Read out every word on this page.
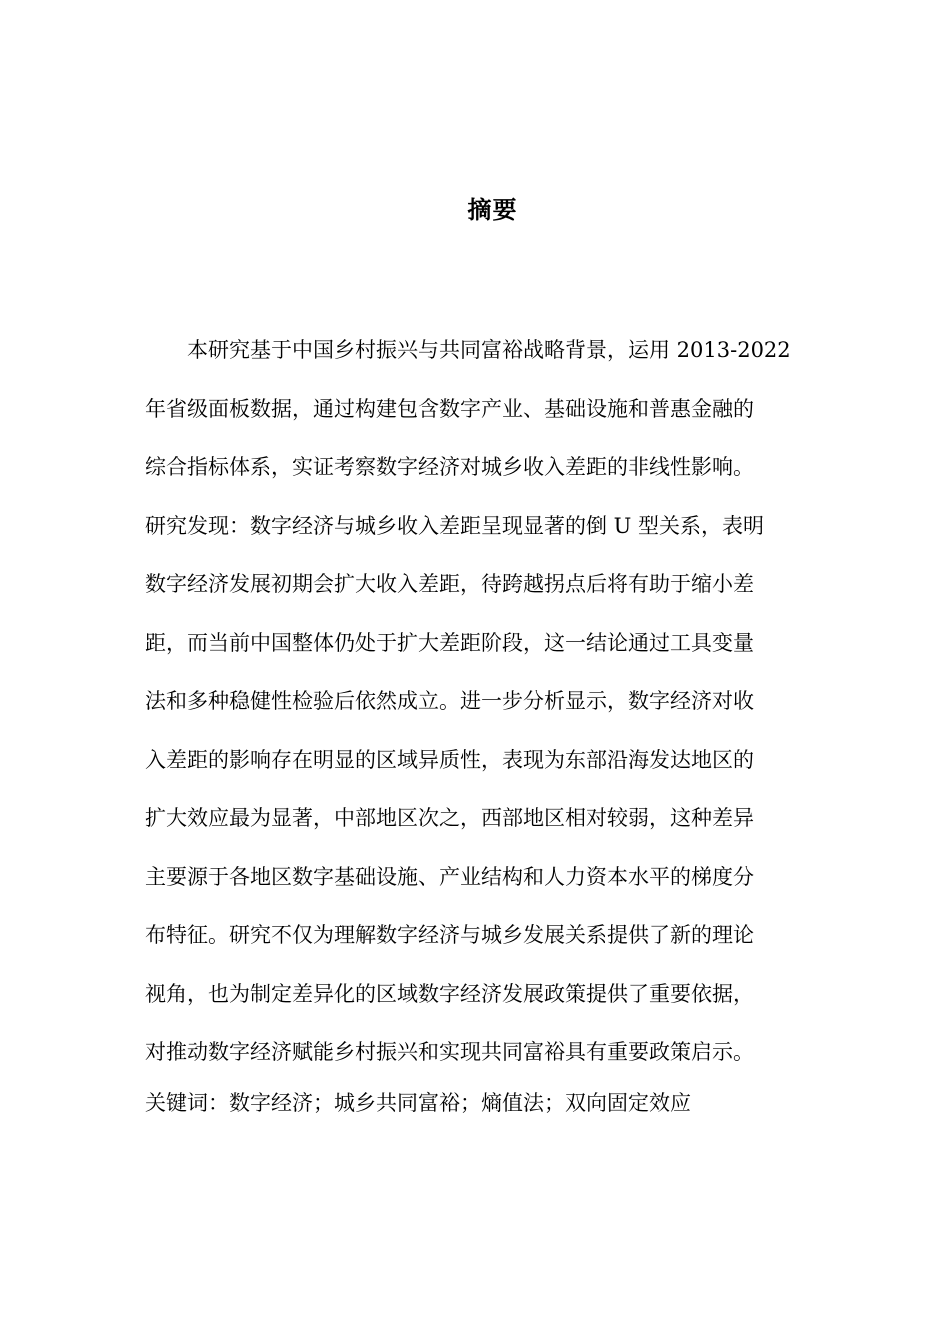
摘要
　　本研究基于中国乡村振兴与共同富裕战略背景，运用 2013-2022
年省级面板数据，通过构建包含数字产业、基础设施和普惠金融的
综合指标体系，实证考察数字经济对城乡收入差距的非线性影响。
研究发现：数字经济与城乡收入差距呈现显著的倒 U 型关系，表明
数字经济发展初期会扩大收入差距，待跨越拐点后将有助于缩小差
距，而当前中国整体仍处于扩大差距阶段，这一结论通过工具变量
法和多种稳健性检验后依然成立。进一步分析显示，数字经济对收
入差距的影响存在明显的区域异质性，表现为东部沿海发达地区的
扩大效应最为显著，中部地区次之，西部地区相对较弱，这种差异
主要源于各地区数字基础设施、产业结构和人力资本水平的梯度分
布特征。研究不仅为理解数字经济与城乡发展关系提供了新的理论
视角，也为制定差异化的区域数字经济发展政策提供了重要依据，
对推动数字经济赋能乡村振兴和实现共同富裕具有重要政策启示。
关键词：数字经济；城乡共同富裕；熵值法；双向固定效应
